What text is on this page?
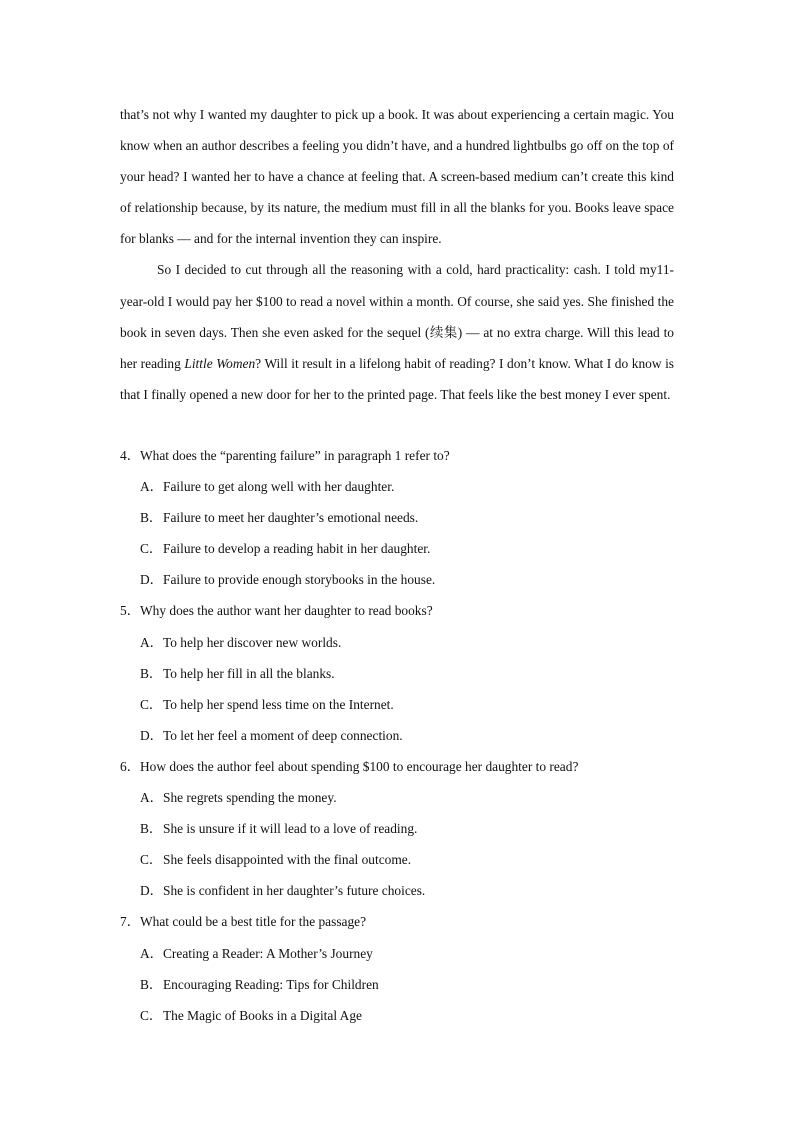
that’s not why I wanted my daughter to pick up a book. It was about experiencing a certain magic. You know when an author describes a feeling you didn’t have, and a hundred lightbulbs go off on the top of your head? I wanted her to have a chance at feeling that. A screen-based medium can’t create this kind of relationship because, by its nature, the medium must fill in all the blanks for you. Books leave space for blanks — and for the internal invention they can inspire.

So I decided to cut through all the reasoning with a cold, hard practicality: cash. I told my11-year-old I would pay her $100 to read a novel within a month. Of course, she said yes. She finished the book in seven days. Then she even asked for the sequel (续集) — at no extra charge. Will this lead to her reading Little Women? Will it result in a lifelong habit of reading? I don’t know. What I do know is that I finally opened a new door for her to the printed page. That feels like the best money I ever spent.

4．What does the “parenting failure” in paragraph 1 refer to?
A．Failure to get along well with her daughter.
B．Failure to meet her daughter’s emotional needs.
C．Failure to develop a reading habit in her daughter.
D．Failure to provide enough storybooks in the house.
5．Why does the author want her daughter to read books?
A．To help her discover new worlds.
B．To help her fill in all the blanks.
C．To help her spend less time on the Internet.
D．To let her feel a moment of deep connection.
6．How does the author feel about spending $100 to encourage her daughter to read?
A．She regrets spending the money.
B．She is unsure if it will lead to a love of reading.
C．She feels disappointed with the final outcome.
D．She is confident in her daughter’s future choices.
7．What could be a best title for the passage?
A．Creating a Reader: A Mother’s Journey
B．Encouraging Reading: Tips for Children
C．The Magic of Books in a Digital Age
